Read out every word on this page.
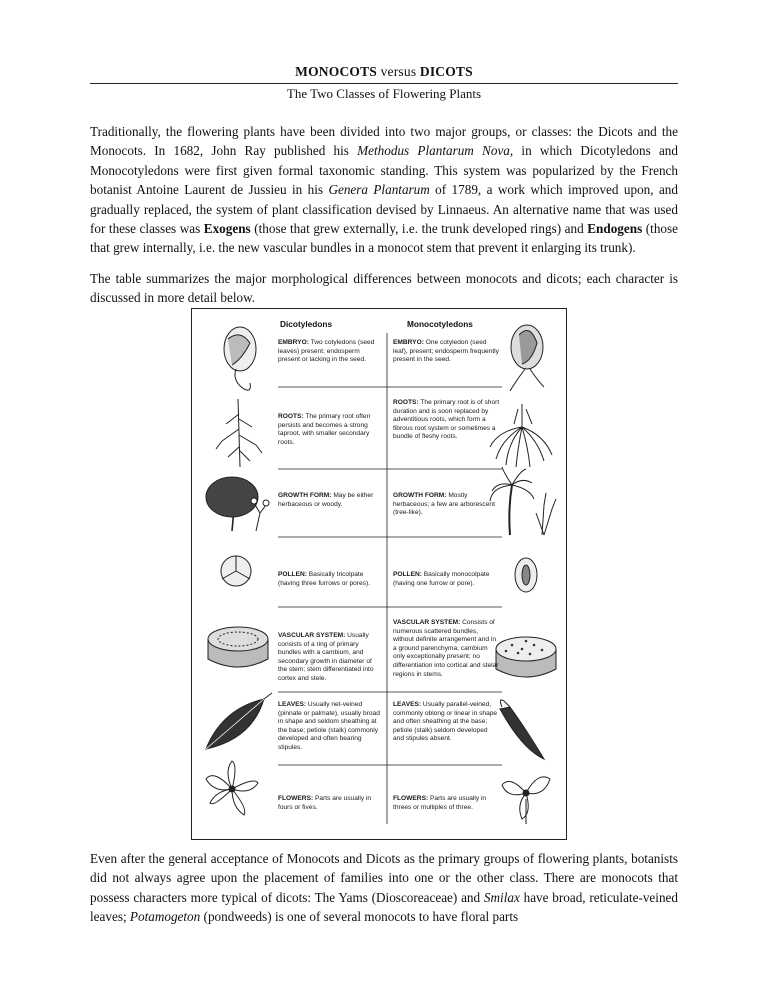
MONOCOTS versus DICOTS
The Two Classes of Flowering Plants
Traditionally, the flowering plants have been divided into two major groups, or classes: the Dicots and the Monocots. In 1682, John Ray published his Methodus Plantarum Nova, in which Dicotyledons and Monocotyledons were first given formal taxonomic standing. This system was popularized by the French botanist Antoine Laurent de Jussieu in his Genera Plantarum of 1789, a work which improved upon, and gradually replaced, the system of plant classification devised by Linnaeus. An alternative name that was used for these classes was Exogens (those that grew externally, i.e. the trunk developed rings) and Endogens (those that grew internally, i.e. the new vascular bundles in a monocot stem that prevent it enlarging its trunk).
The table summarizes the major morphological differences between monocots and dicots; each character is discussed in more detail below.
Dicotyledons	Monocotyledons
EMBRYO: Two cotyledons (seed leaves) present; endosperm present or lacking in the seed.
EMBRYO: One cotyledon (seed leaf), present; endosperm frequently present in the seed.
ROOTS: The primary root often persists and becomes a strong taproot, with smaller secondary roots.
ROOTS: The primary root is of short duration and is soon replaced by adventitious roots, which form a fibrous root system or sometimes a bundle of fleshy roots.
GROWTH FORM: May be either herbaceous or woody.
GROWTH FORM: Mostly herbaceous; a few are arborescent (tree-like).
POLLEN: Basically tricolpate (having three furrows or pores).
POLLEN: Basically monocolpate (having one furrow or pore).
VASCULAR SYSTEM: Usually consists of a ring of primary bundles with a cambium, and secondary growth in diameter of the stem; stem differentiated into cortex and stele.
VASCULAR SYSTEM: Consists of numerous scattered bundles, without definite arrangement and in a ground parenchyma; cambium only exceptionally present; no differentiation into cortical and stelar regions in stems.
LEAVES: Usually net-veined (pinnate or palmate), usually broad in shape and seldom sheathing at the base; petiole (stalk) commonly developed and often bearing stipules.
LEAVES: Usually parallel-veined, commonly oblong or linear in shape and often sheathing at the base; petiole (stalk) seldom developed and stipules absent.
FLOWERS: Parts are usually in fours or fives.
FLOWERS: Parts are usually in threes or multiples of three.
Even after the general acceptance of Monocots and Dicots as the primary groups of flowering plants, botanists did not always agree upon the placement of families into one or the other class. There are monocots that possess characters more typical of dicots: The Yams (Dioscoreaceae) and Smilax have broad, reticulate-veined leaves; Potamogeton (pondweeds) is one of several monocots to have floral parts
